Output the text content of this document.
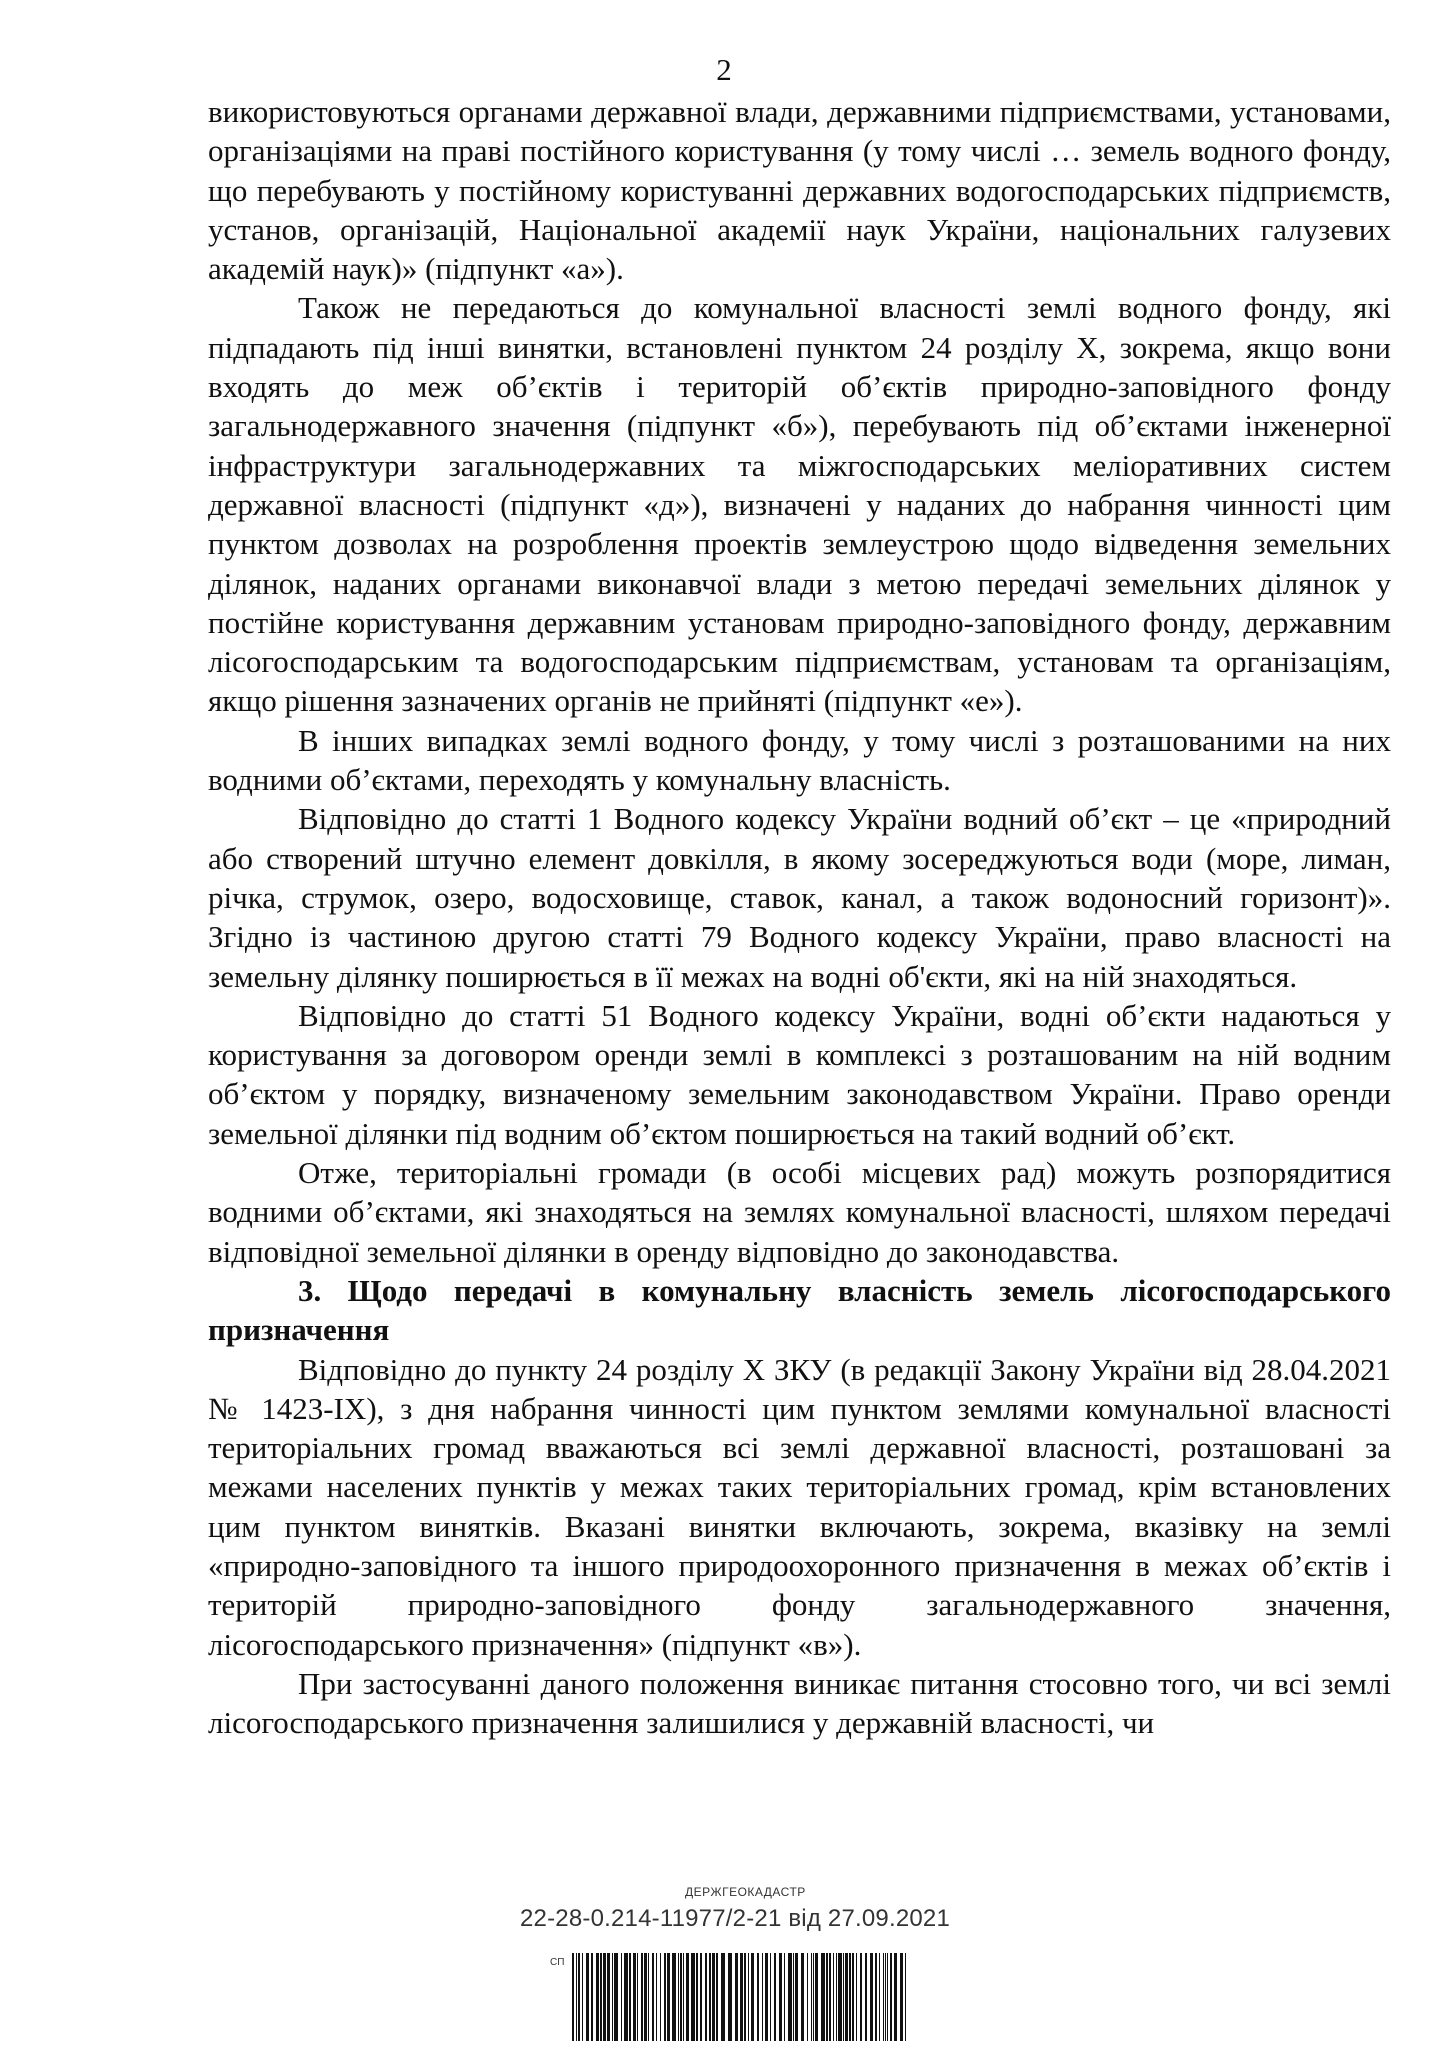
2

використовуються органами державної влади, державними підприємствами, установами, організаціями на праві постійного користування (у тому числі … земель водного фонду, що перебувають у постійному користуванні державних водогосподарських підприємств, установ, організацій, Національної академії наук України, національних галузевих академій наук)» (підпункт «а»).

Також не передаються до комунальної власності землі водного фонду, які підпадають під інші винятки, встановлені пунктом 24 розділу Х, зокрема, якщо вони входять до меж об’єктів і територій об’єктів природно-заповідного фонду загальнодержавного значення (підпункт «б»), перебувають під об’єктами інженерної інфраструктури загальнодержавних та міжгосподарських меліоративних систем державної власності (підпункт «д»), визначені у наданих до набрання чинності цим пунктом дозволах на розроблення проектів землеустрою щодо відведення земельних ділянок, наданих органами виконавчої влади з метою передачі земельних ділянок у постійне користування державним установам природно-заповідного фонду, державним лісогосподарським та водогосподарським підприємствам, установам та організаціям, якщо рішення зазначених органів не прийняті (підпункт «е»).

В інших випадках землі водного фонду, у тому числі з розташованими на них водними об’єктами, переходять у комунальну власність.

Відповідно до статті 1 Водного кодексу України водний об’єкт – це «природний або створений штучно елемент довкілля, в якому зосереджуються води (море, лиман, річка, струмок, озеро, водосховище, ставок, канал, а також водоносний горизонт)». Згідно із частиною другою статті 79 Водного кодексу України, право власності на земельну ділянку поширюється в її межах на водні об'єкти, які на ній знаходяться.

Відповідно до статті 51 Водного кодексу України, водні об’єкти надаються у користування за договором оренди землі в комплексі з розташованим на ній водним об’єктом у порядку, визначеному земельним законодавством України. Право оренди земельної ділянки під водним об’єктом поширюється на такий водний об’єкт.

Отже, територіальні громади (в особі місцевих рад) можуть розпорядитися водними об’єктами, які знаходяться на землях комунальної власності, шляхом передачі відповідної земельної ділянки в оренду відповідно до законодавства.

3. Щодо передачі в комунальну власність земель лісогосподарського призначення

Відповідно до пункту 24 розділу Х ЗКУ (в редакції Закону України від 28.04.2021 № 1423-IX), з дня набрання чинності цим пунктом землями комунальної власності територіальних громад вважаються всі землі державної власності, розташовані за межами населених пунктів у межах таких територіальних громад, крім встановлених цим пунктом винятків. Вказані винятки включають, зокрема, вказівку на землі «природно-заповідного та іншого природоохоронного призначення в межах об’єктів і територій природно-заповідного фонду загальнодержавного значення, лісогосподарського призначення» (підпункт «в»).

При застосуванні даного положення виникає питання стосовно того, чи всі землі лісогосподарського призначення залишилися у державній власності, чи

ДЕРЖГЕОКАДАСТР
22-28-0.214-11977/2-21 від 27.09.2021
СП
